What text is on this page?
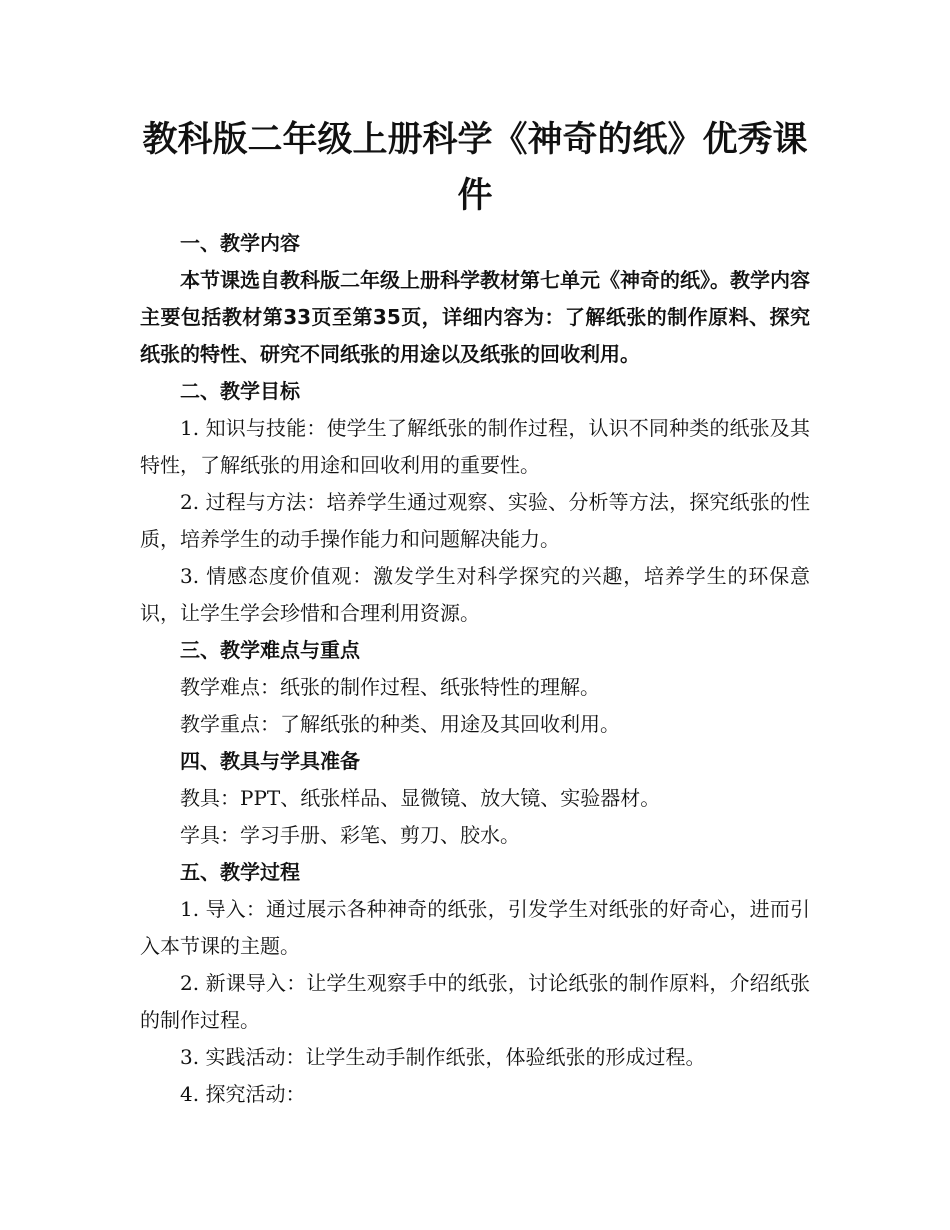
教科版二年级上册科学《神奇的纸》优秀课件

一、教学内容

本节课选自教科版二年级上册科学教材第七单元《神奇的纸》。教学内容主要包括教材第33页至第35页，详细内容为：了解纸张的制作原料、探究纸张的特性、研究不同纸张的用途以及纸张的回收利用。

二、教学目标

1. 知识与技能：使学生了解纸张的制作过程，认识不同种类的纸张及其特性，了解纸张的用途和回收利用的重要性。

2. 过程与方法：培养学生通过观察、实验、分析等方法，探究纸张的性质，培养学生的动手操作能力和问题解决能力。

3. 情感态度价值观：激发学生对科学探究的兴趣，培养学生的环保意识，让学生学会珍惜和合理利用资源。

三、教学难点与重点

教学难点：纸张的制作过程、纸张特性的理解。

教学重点：了解纸张的种类、用途及其回收利用。

四、教具与学具准备

教具：PPT、纸张样品、显微镜、放大镜、实验器材。

学具：学习手册、彩笔、剪刀、胶水。

五、教学过程

1. 导入：通过展示各种神奇的纸张，引发学生对纸张的好奇心，进而引入本节课的主题。

2. 新课导入：让学生观察手中的纸张，讨论纸张的制作原料，介绍纸张的制作过程。

3. 实践活动：让学生动手制作纸张，体验纸张的形成过程。

4. 探究活动：
